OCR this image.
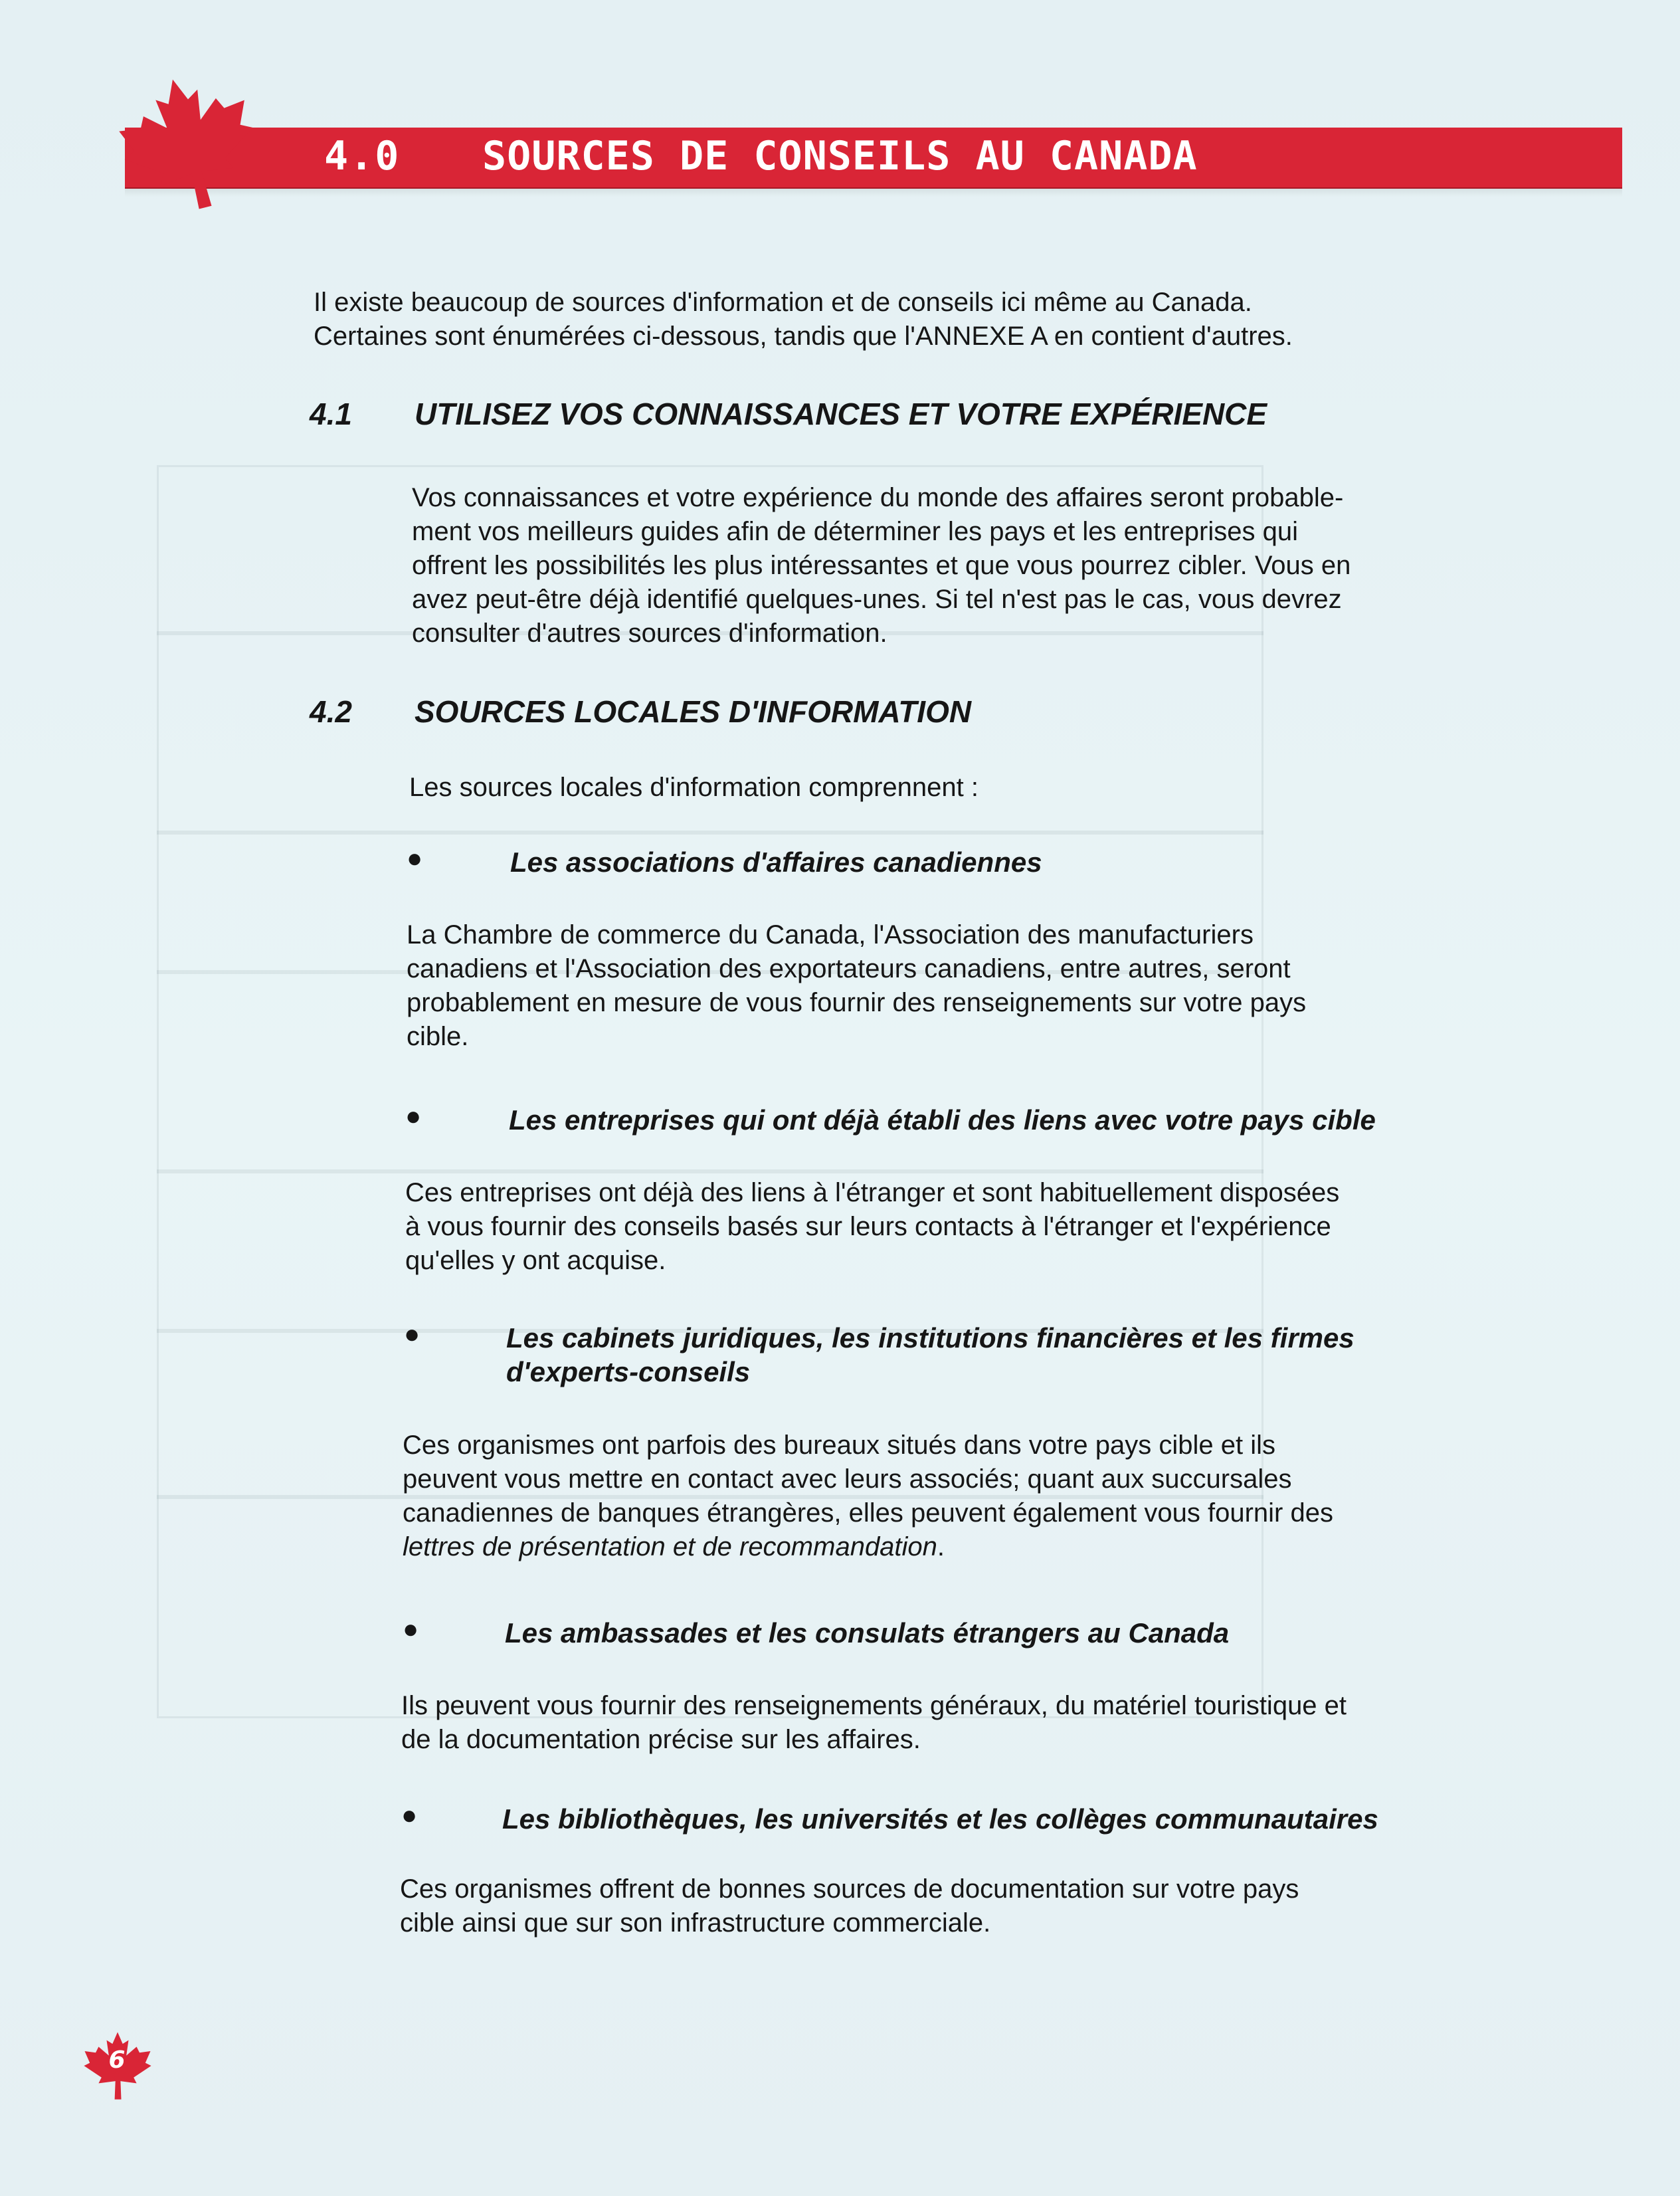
4.0 SOURCES DE CONSEILS AU CANADA
Il existe beaucoup de sources d'information et de conseils ici même au Canada.
Certaines sont énumérées ci-dessous, tandis que l'ANNEXE A en contient d'autres.
4.1 UTILISEZ VOS CONNAISSANCES ET VOTRE EXPÉRIENCE
Vos connaissances et votre expérience du monde des affaires seront probable-
ment vos meilleurs guides afin de déterminer les pays et les entreprises qui
offrent les possibilités les plus intéressantes et que vous pourrez cibler. Vous en
avez peut-être déjà identifié quelques-unes. Si tel n'est pas le cas, vous devrez
consulter d'autres sources d'information.
4.2 SOURCES LOCALES D'INFORMATION
Les sources locales d'information comprennent :
●	Les associations d'affaires canadiennes
La Chambre de commerce du Canada, l'Association des manufacturiers
canadiens et l'Association des exportateurs canadiens, entre autres, seront
probablement en mesure de vous fournir des renseignements sur votre pays
cible.
●	Les entreprises qui ont déjà établi des liens avec votre pays cible
Ces entreprises ont déjà des liens à l'étranger et sont habituellement disposées
à vous fournir des conseils basés sur leurs contacts à l'étranger et l'expérience
qu'elles y ont acquise.
●	Les cabinets juridiques, les institutions financières et les firmes
d'experts-conseils
Ces organismes ont parfois des bureaux situés dans votre pays cible et ils
peuvent vous mettre en contact avec leurs associés; quant aux succursales
canadiennes de banques étrangères, elles peuvent également vous fournir des
lettres de présentation et de recommandation.
●	Les ambassades et les consulats étrangers au Canada
Ils peuvent vous fournir des renseignements généraux, du matériel touristique et
de la documentation précise sur les affaires.
●	Les bibliothèques, les universités et les collèges communautaires
Ces organismes offrent de bonnes sources de documentation sur votre pays
cible ainsi que sur son infrastructure commerciale.
6
